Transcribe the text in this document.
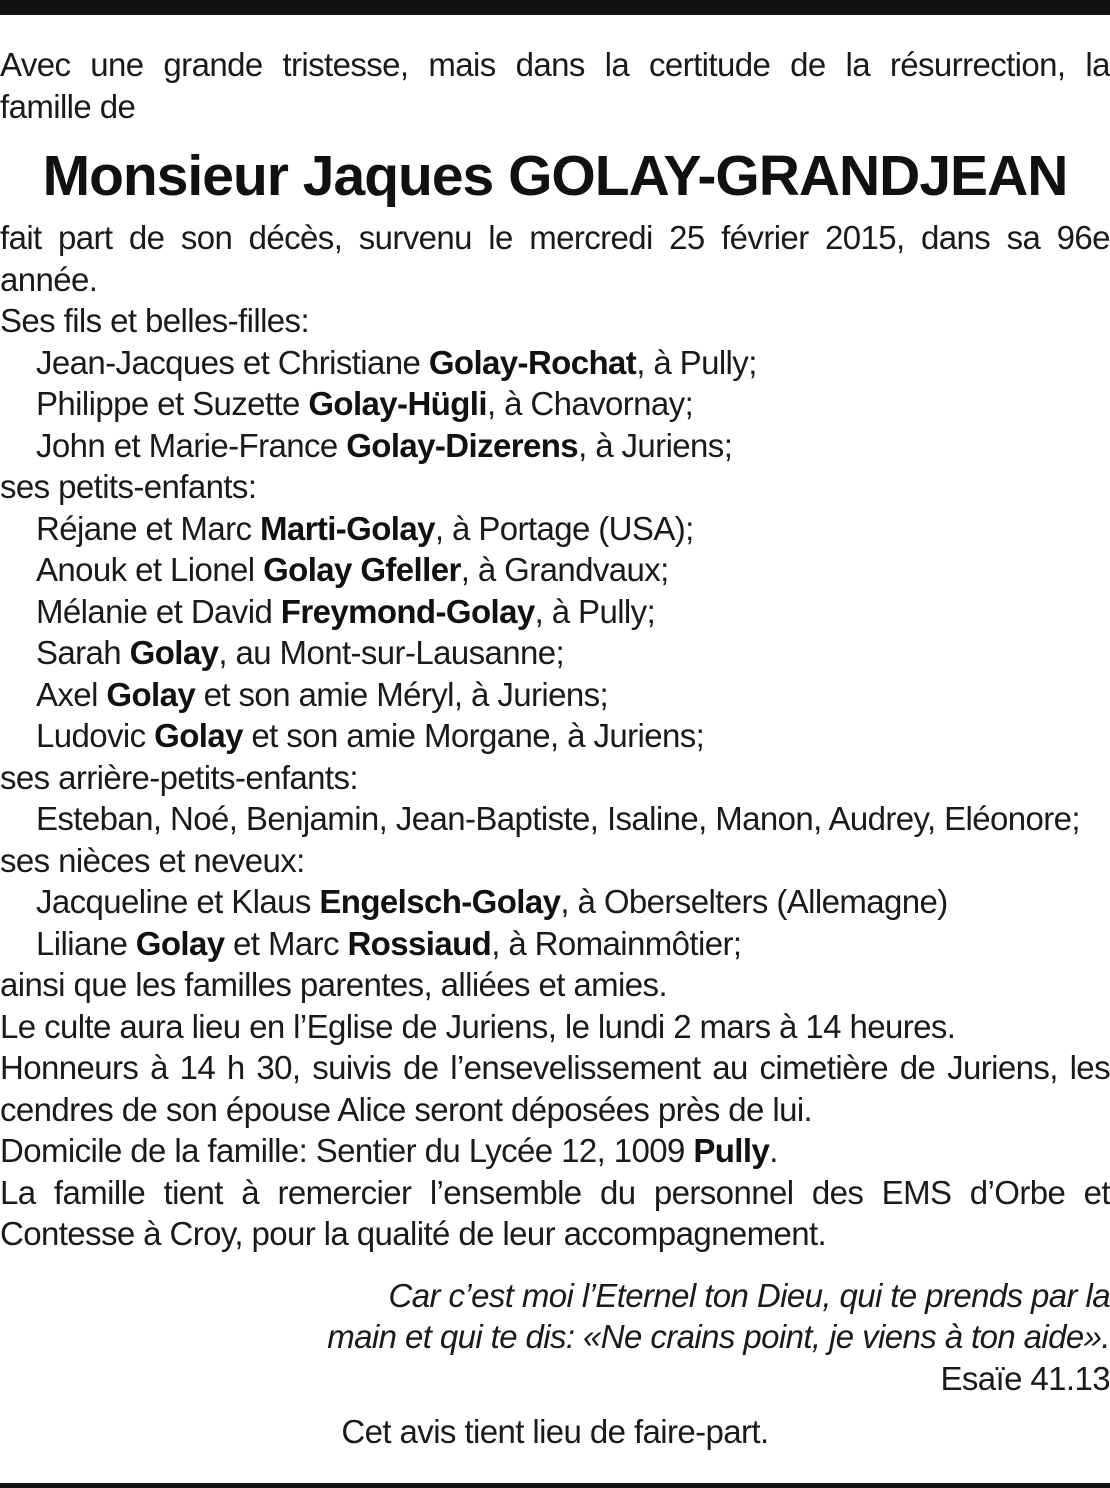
Avec une grande tristesse, mais dans la certitude de la résurrection, la
famille de
Monsieur Jaques GOLAY-GRANDJEAN
fait part de son décès, survenu le mercredi 25 février 2015, dans sa 96e
année.
Ses fils et belles-filles:
Jean-Jacques et Christiane Golay-Rochat, à Pully;
Philippe et Suzette Golay-Hügli, à Chavornay;
John et Marie-France Golay-Dizerens, à Juriens;
ses petits-enfants:
Réjane et Marc Marti-Golay, à Portage (USA);
Anouk et Lionel Golay Gfeller, à Grandvaux;
Mélanie et David Freymond-Golay, à Pully;
Sarah Golay, au Mont-sur-Lausanne;
Axel Golay et son amie Méryl, à Juriens;
Ludovic Golay et son amie Morgane, à Juriens;
ses arrière-petits-enfants:
Esteban, Noé, Benjamin, Jean-Baptiste, Isaline, Manon, Audrey, Eléonore;
ses nièces et neveux:
Jacqueline et Klaus Engelsch-Golay, à Oberselters (Allemagne)
Liliane Golay et Marc Rossiaud, à Romainmôtier;
ainsi que les familles parentes, alliées et amies.
Le culte aura lieu en l’Eglise de Juriens, le lundi 2 mars à 14 heures.
Honneurs à 14 h 30, suivis de l’ensevelissement au cimetière de Juriens, les
cendres de son épouse Alice seront déposées près de lui.
Domicile de la famille: Sentier du Lycée 12, 1009 Pully.
La famille tient à remercier l’ensemble du personnel des EMS d’Orbe et
Contesse à Croy, pour la qualité de leur accompagnement.
Car c’est moi l’Eternel ton Dieu, qui te prends par la
main et qui te dis: «Ne crains point, je viens à ton aide».
Esaïe 41.13
Cet avis tient lieu de faire-part.
